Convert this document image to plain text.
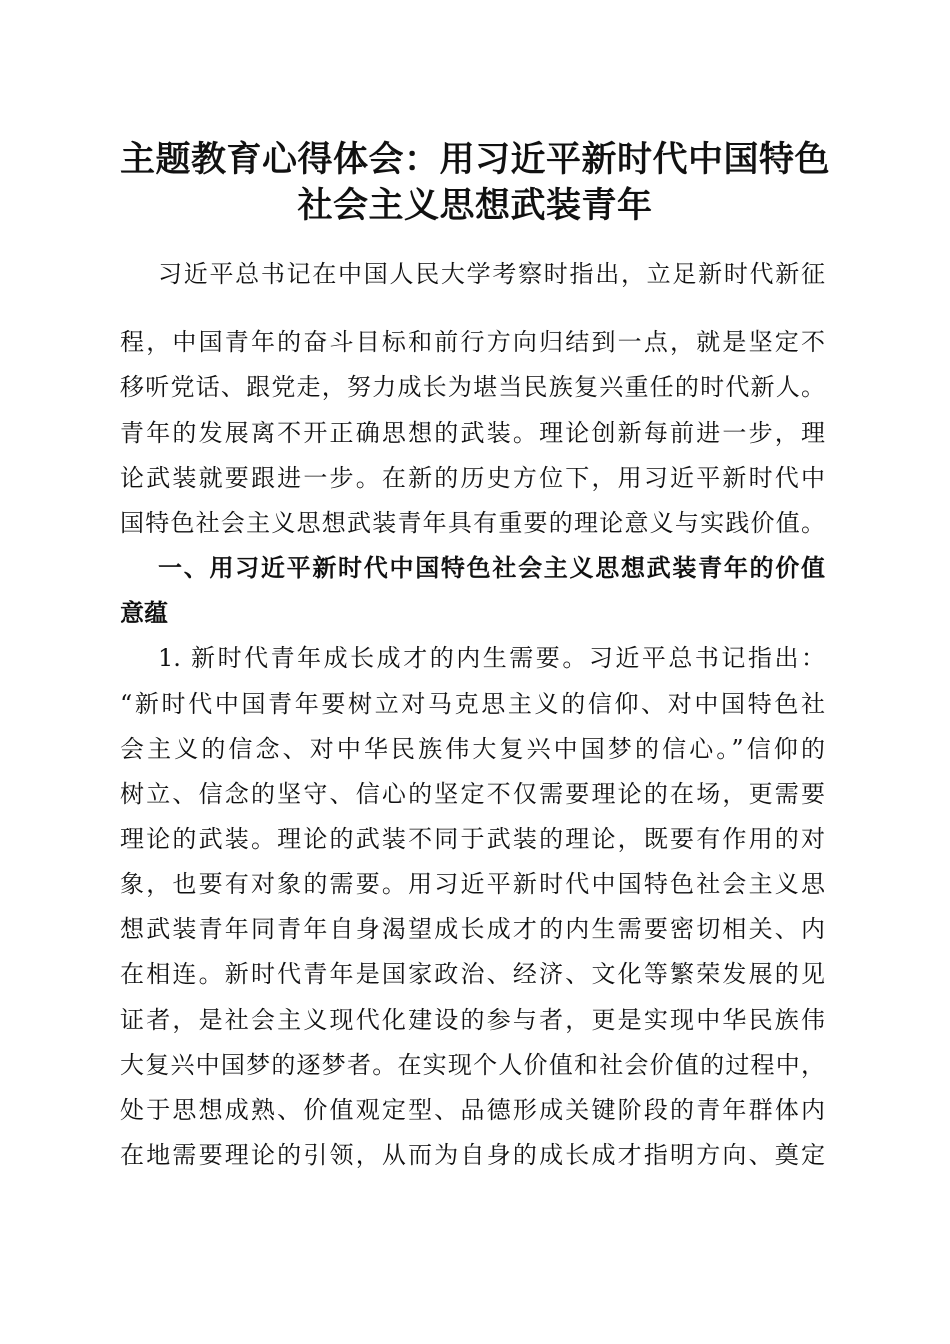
主题教育心得体会：用习近平新时代中国特色
社会主义思想武装青年
习近平总书记在中国人民大学考察时指出，立足新时代新征
程，中国青年的奋斗目标和前行方向归结到一点，就是坚定不
移听党话、跟党走，努力成长为堪当民族复兴重任的时代新人。
青年的发展离不开正确思想的武装。理论创新每前进一步，理
论武装就要跟进一步。在新的历史方位下，用习近平新时代中
国特色社会主义思想武装青年具有重要的理论意义与实践价值。
一、用习近平新时代中国特色社会主义思想武装青年的价值
意蕴
1. 新时代青年成长成才的内生需要。习近平总书记指出：
“新时代中国青年要树立对马克思主义的信仰、对中国特色社
会主义的信念、对中华民族伟大复兴中国梦的信心。”信仰的
树立、信念的坚守、信心的坚定不仅需要理论的在场，更需要
理论的武装。理论的武装不同于武装的理论，既要有作用的对
象，也要有对象的需要。用习近平新时代中国特色社会主义思
想武装青年同青年自身渴望成长成才的内生需要密切相关、内
在相连。新时代青年是国家政治、经济、文化等繁荣发展的见
证者，是社会主义现代化建设的参与者，更是实现中华民族伟
大复兴中国梦的逐梦者。在实现个人价值和社会价值的过程中，
处于思想成熟、价值观定型、品德形成关键阶段的青年群体内
在地需要理论的引领，从而为自身的成长成才指明方向、奠定
